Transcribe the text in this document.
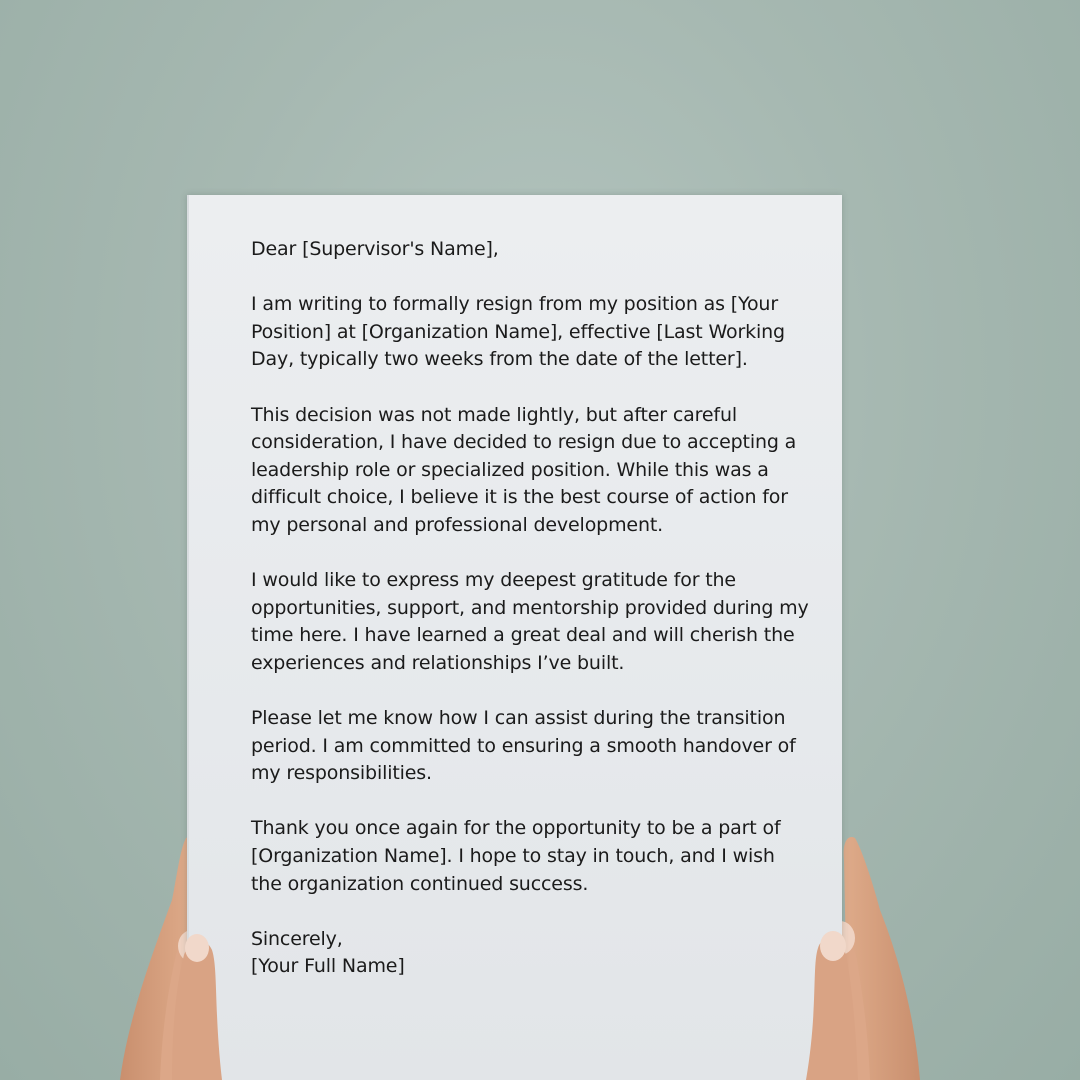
Dear [Supervisor's Name],

I am writing to formally resign from my position as [Your Position] at [Organization Name], effective [Last Working Day, typically two weeks from the date of the letter].

This decision was not made lightly, but after careful consideration, I have decided to resign due to accepting a leadership role or specialized position. While this was a difficult choice, I believe it is the best course of action for my personal and professional development.

I would like to express my deepest gratitude for the opportunities, support, and mentorship provided during my time here. I have learned a great deal and will cherish the experiences and relationships I’ve built.

Please let me know how I can assist during the transition period. I am committed to ensuring a smooth handover of my responsibilities.

Thank you once again for the opportunity to be a part of [Organization Name]. I hope to stay in touch, and I wish the organization continued success.

Sincerely,

[Your Full Name]
